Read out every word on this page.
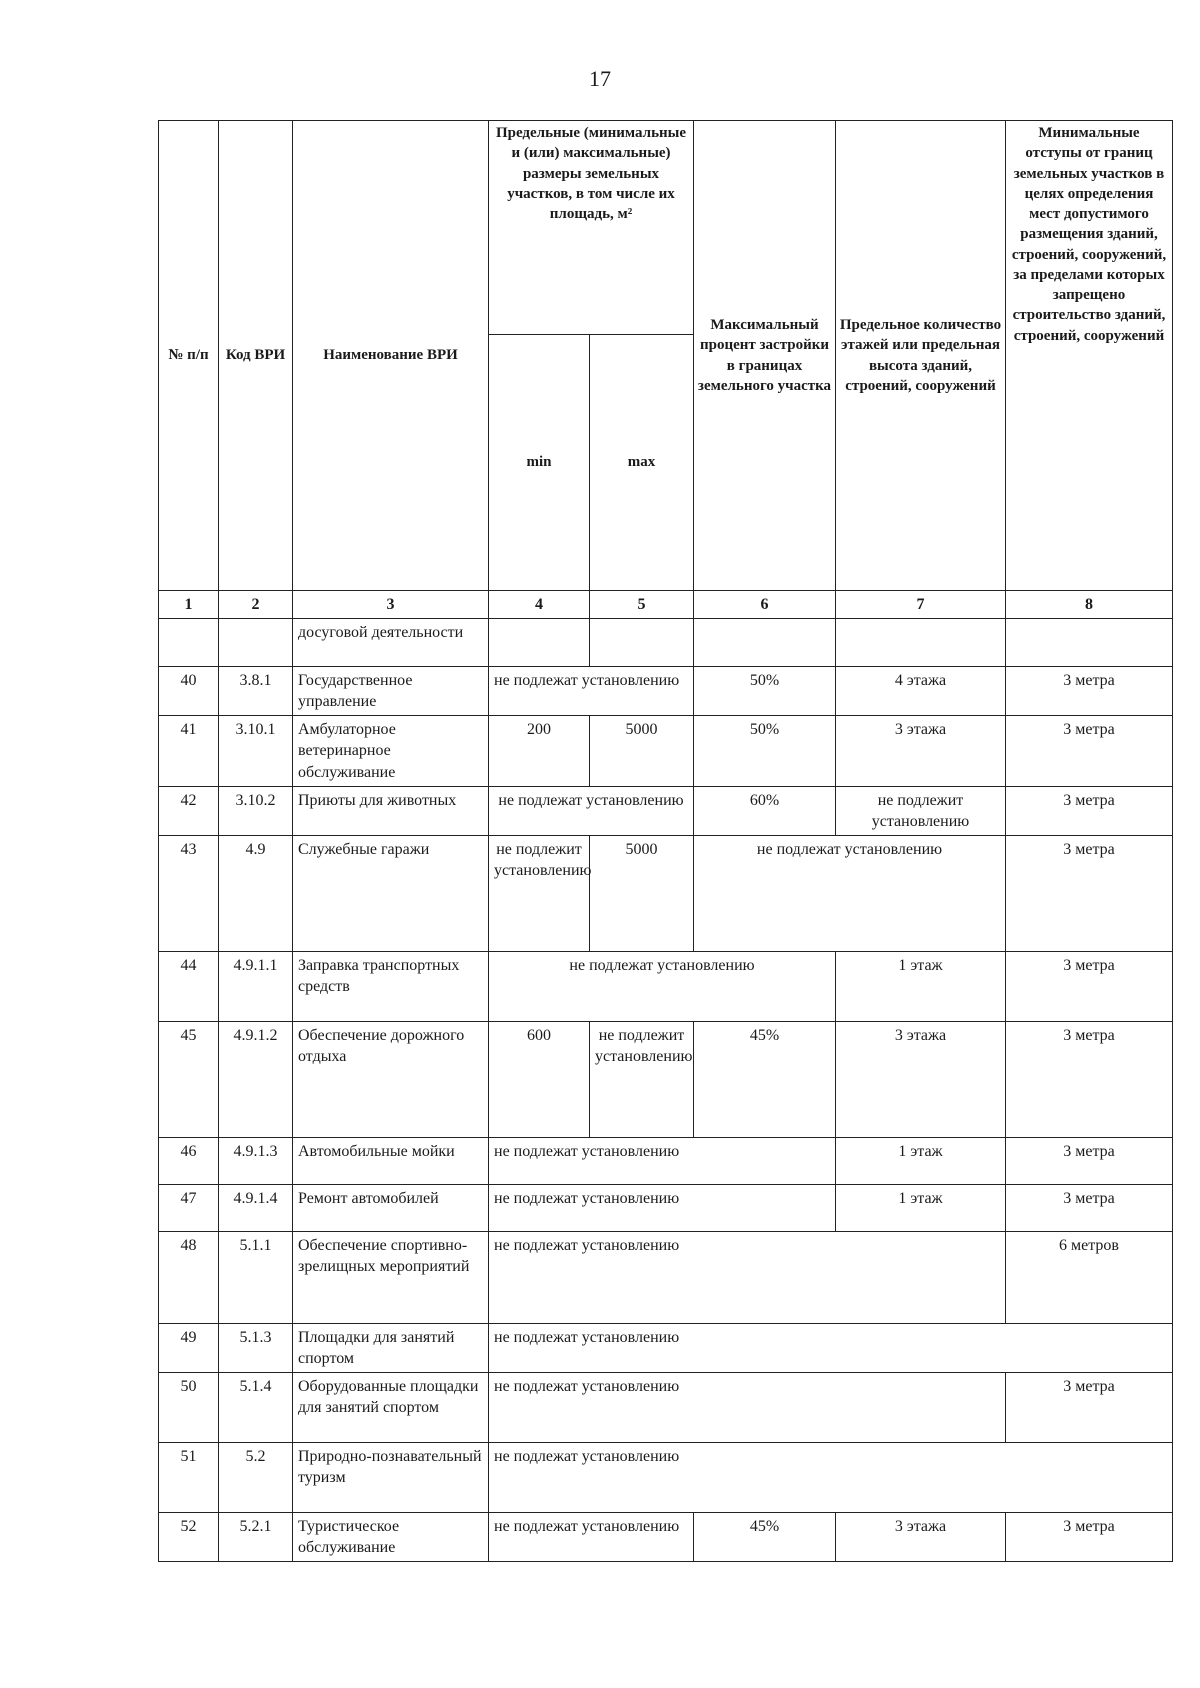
17
№ п/п	Код ВРИ	Наименование ВРИ	Предельные (минимальные и (или) максимальные) размеры земельных участков, в том числе их площадь, м²		Максимальный процент застройки в границах земельного участка	Предельное количество этажей или предельная высота зданий, строений, сооружений	Минимальные отступы от границ земельных участков в целях определения мест допустимого размещения зданий, строений, сооружений, за пределами которых запрещено строительство зданий, строений, сооружений
			min	max			
1	2	3	4	5	6	7	8
		досуговой деятельности					
40	3.8.1	Государственное управление	не подлежат установлению		50%	4 этажа	3 метра
41	3.10.1	Амбулаторное ветеринарное обслуживание	200	5000	50%	3 этажа	3 метра
42	3.10.2	Приюты для животных	не подлежат установлению		60%	не подлежит установлению	3 метра
43	4.9	Служебные гаражи	не подлежит установлению	5000	не подлежат установлению		3 метра
44	4.9.1.1	Заправка транспортных средств	не подлежат установлению			1 этаж	3 метра
45	4.9.1.2	Обеспечение дорожного отдыха	600	не подлежит установлению	45%	3 этажа	3 метра
46	4.9.1.3	Автомобильные мойки	не подлежат установлению			1 этаж	3 метра
47	4.9.1.4	Ремонт автомобилей	не подлежат установлению			1 этаж	3 метра
48	5.1.1	Обеспечение спортивно-зрелищных мероприятий	не подлежат установлению				6 метров
49	5.1.3	Площадки для занятий спортом	не подлежат установлению				
50	5.1.4	Оборудованные площадки для занятий спортом	не подлежат установлению				3 метра
51	5.2	Природно-познавательный туризм	не подлежат установлению				
52	5.2.1	Туристическое обслуживание	не подлежат установлению		45%	3 этажа	3 метра
